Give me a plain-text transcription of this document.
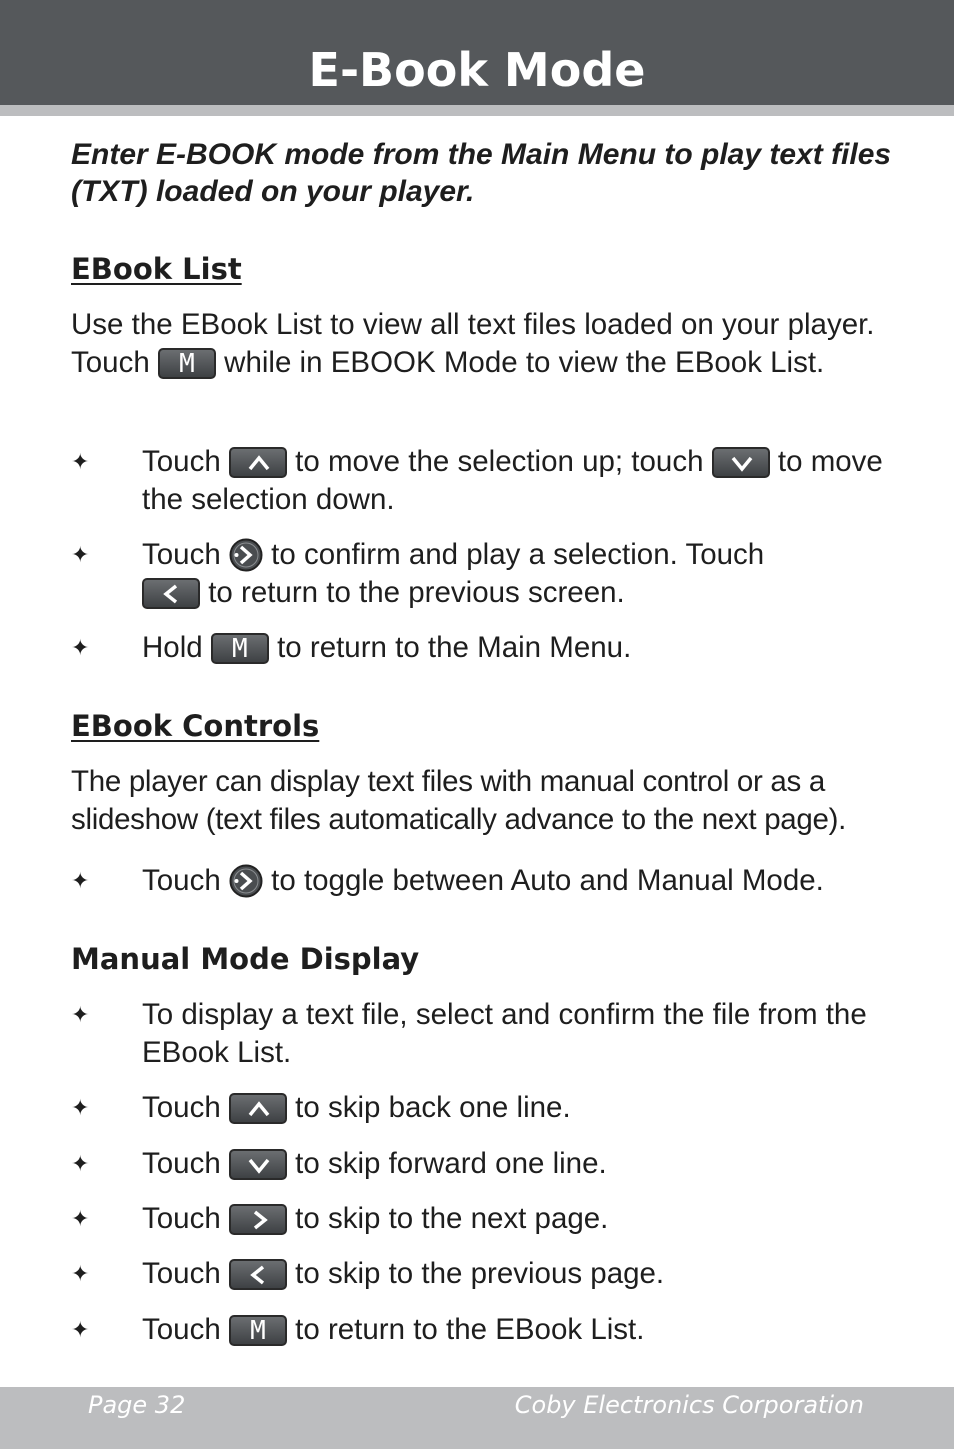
E-Book Mode

Enter E-BOOK mode from the Main Menu to play text files (TXT) loaded on your player.

EBook List

Use the EBook List to view all text files loaded on your player. Touch	M while in EBOOK Mode to view the EBook List.

✦	Touch	to move the selection up; touch	to move the selection down.
✦	Touch to confirm and play a selection. Touch

to return to the previous screen.
✦	Hold	M to return to the Main Menu.
EBook Controls

The player can display text files with manual control or as a slideshow (text files automatically advance to the next page).

✦	Touch to toggle between Auto and Manual Mode.
Manual Mode Display
✦	To display a text file, select and confirm the file from the EBook List.
✦	Touch	to skip back one line.
✦	Touch	to skip forward one line.
✦	Touch	to skip to the next page.
✦	Touch	to skip to the previous page.
✦	Touch	M to return to the EBook List.
Page 32	Coby Electronics Corporation
